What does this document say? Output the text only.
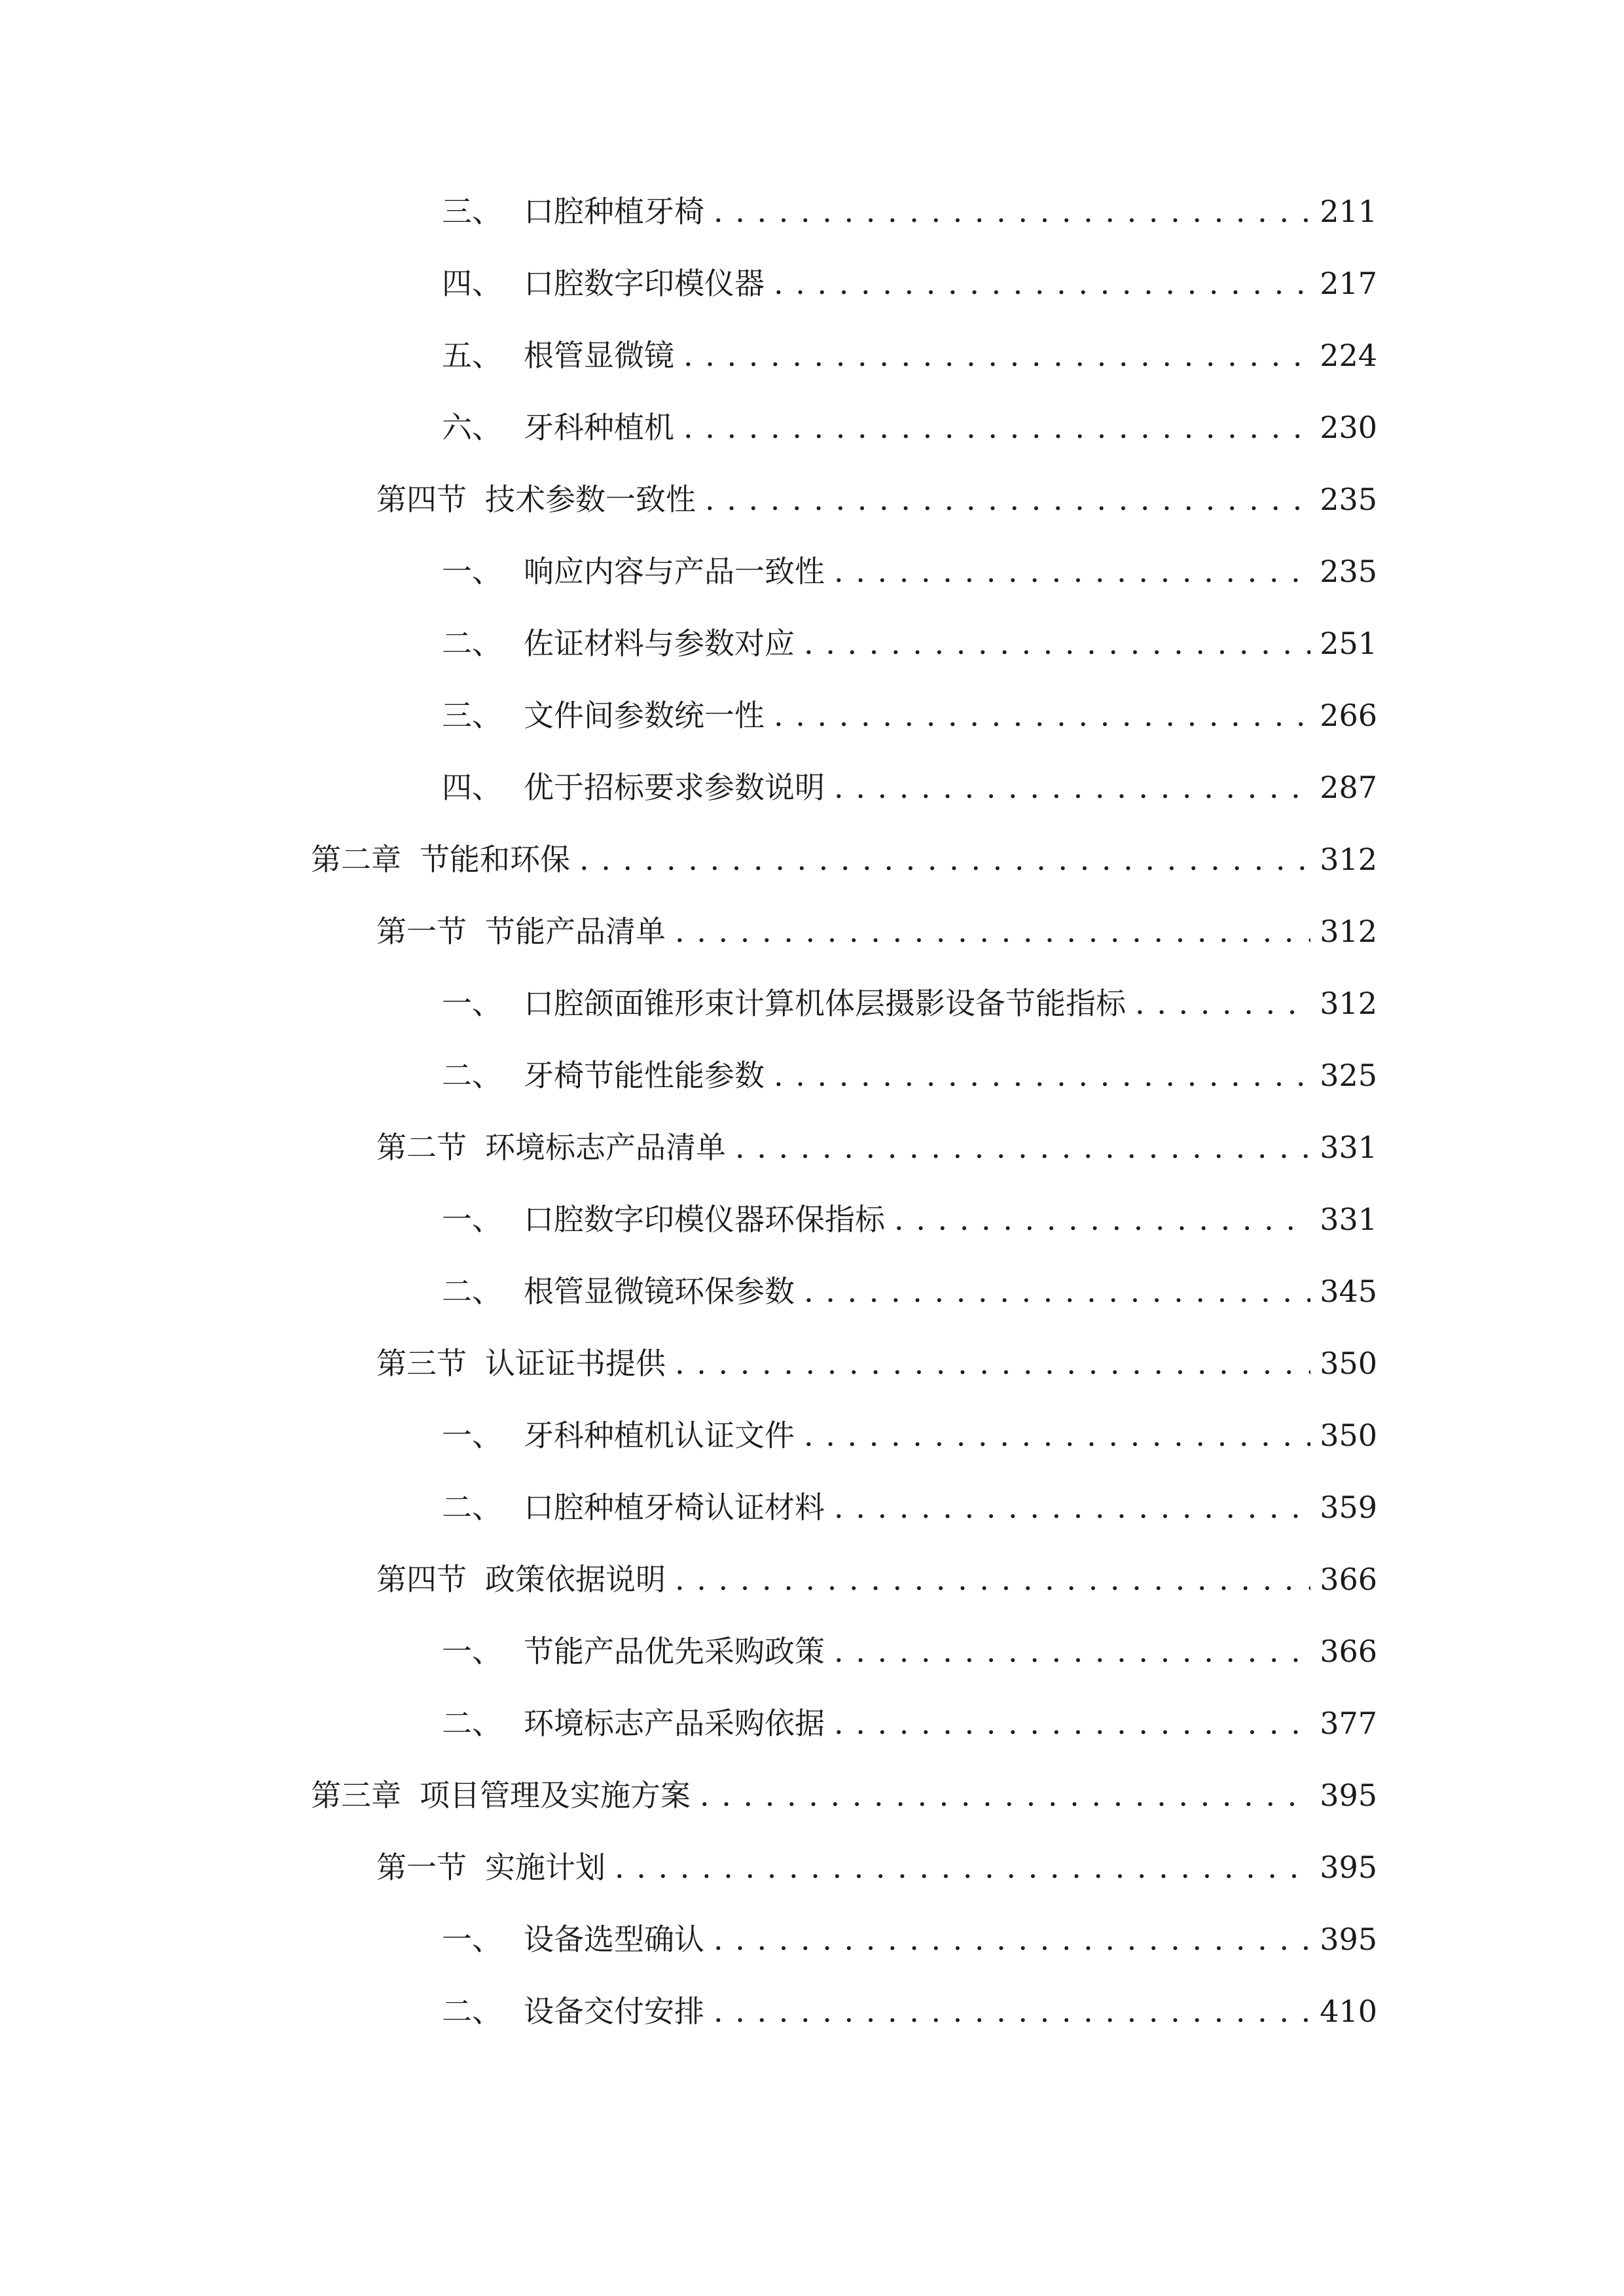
三、 口腔种植牙椅 . . .	211
四、 口腔数字印模仪器 . . .	217
五、 根管显微镜 . . .	224
六、 牙科种植机 . . .	230
第四节 技术参数一致性 . . .	235
一、 响应内容与产品一致性 . . .	235
二、 佐证材料与参数对应 . . .	251
三、 文件间参数统一性 . . .	266
四、 优于招标要求参数说明 . . .	287
第二章 节能和环保 . . .	312
第一节 节能产品清单 . . .	312
一、 口腔颌面锥形束计算机体层摄影设备节能指标 . . .	312
二、 牙椅节能性能参数 . . .	325
第二节 环境标志产品清单 . . .	331
一、 口腔数字印模仪器环保指标 . . .	331
二、 根管显微镜环保参数 . . .	345
第三节 认证证书提供 . . .	350
一、 牙科种植机认证文件 . . .	350
二、 口腔种植牙椅认证材料 . . .	359
第四节 政策依据说明 . . .	366
一、 节能产品优先采购政策 . . .	366
二、 环境标志产品采购依据 . . .	377
第三章 项目管理及实施方案 . . .	395
第一节 实施计划 . . .	395
一、 设备选型确认 . . .	395
二、 设备交付安排 . . .	410
